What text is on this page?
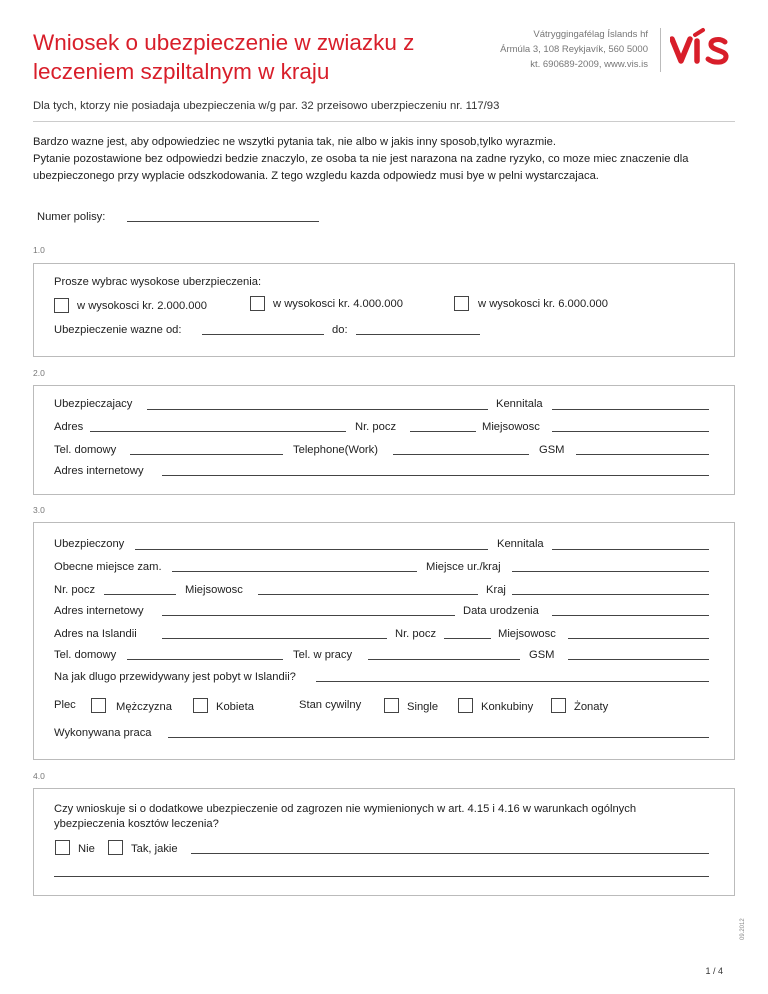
Wniosek o ubezpieczenie w zwiazku z leczeniem szpiltalnym w kraju
Vátryggingafélag Íslands hf
Ármúla 3, 108 Reykjavík, 560 5000
kt. 690689-2009, www.vis.is
Dla tych, ktorzy nie posiadaja ubezpieczenia w/g par. 32 przeisowo uberzpieczeniu nr. 117/93
Bardzo wazne jest, aby odpowiedziec ne wszytki pytania tak, nie albo w jakis inny sposob,tylko wyrazmie.
Pytanie pozostawione bez odpowiedzi bedzie znaczylo, ze osoba ta nie jest narazona na zadne ryzyko, co moze miec znaczenie dla
ubezpieczonego przy wyplacie odszkodowania. Z tego wzgledu kazda odpowiedz musi bye w pelni wystarczajaca.
Numer polisy:
1.0
Prosze wybrac wysokose uberzpieczenia:
w wysokosci kr. 2.000.000	w wysokosci kr. 4.000.000	w wysokosci kr. 6.000.000
Ubezpieczenie wazne od:	do:
2.0
Ubezpieczajacy	Kennitala
Adres	Nr. pocz	Miejsowosc
Tel. domowy	Telephone(Work)	GSM
Adres internetowy
3.0
Ubezpieczony	Kennitala
Obecne miejsce zam.	Miejsce ur./kraj
Nr. pocz	Miejsowosc	Kraj
Adres internetowy	Data urodzenia
Adres na Islandii	Nr. pocz	Miejsowosc
Tel. domowy	Tel. w pracy	GSM
Na jak dlugo przewidywany jest pobyt w Islandii?
Plec	Mężczyzna	Kobieta	Stan cywilny	Single	Konkubiny	Żonaty
Wykonywana praca
4.0
Czy wnioskuje si o dodatkowe ubezpieczenie od zagrozen nie wymienionych w art. 4.15 i 4.16 w warunkach ogólnych
ybezpieczenia kosztów leczenia?
Nie	Tak, jakie
1 / 4
09.2012
